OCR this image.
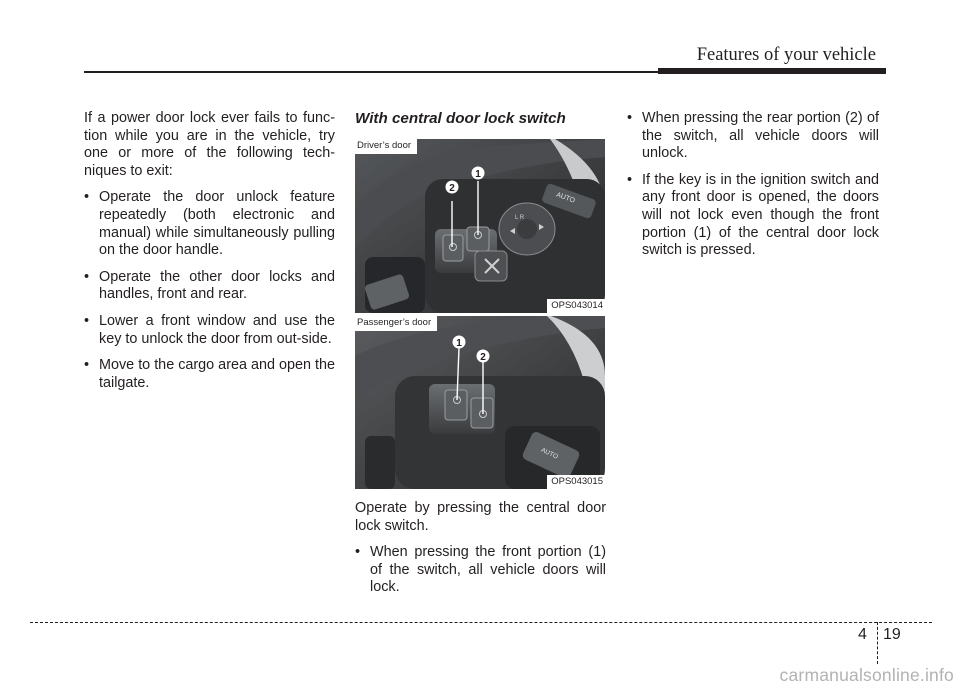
Features of your vehicle

If a power door lock ever fails to func-tion while you are in the vehicle, try one or more of the following tech-niques to exit:

• Operate the door unlock feature repeatedly (both electronic and manual) while simultaneously pulling on the door handle.
• Operate the other door locks and handles, front and rear.
• Lower a front window and use the key to unlock the door from out-side.
• Move to the cargo area and open the tailgate.
With central door lock switch
L R
AUTO
2
1
Driver’s door
OPS043014
AUTO
1
2
Passenger’s door
OPS043015

Operate by pressing the central door lock switch.

• When pressing the front portion (1) of the switch, all vehicle doors will lock.
• When pressing the rear portion (2) of the switch, all vehicle doors will unlock.
• If the key is in the ignition switch and any front door is opened, the doors will not lock even though the front portion (1) of the central door lock switch is pressed.
4 19
carmanualsonline.info
